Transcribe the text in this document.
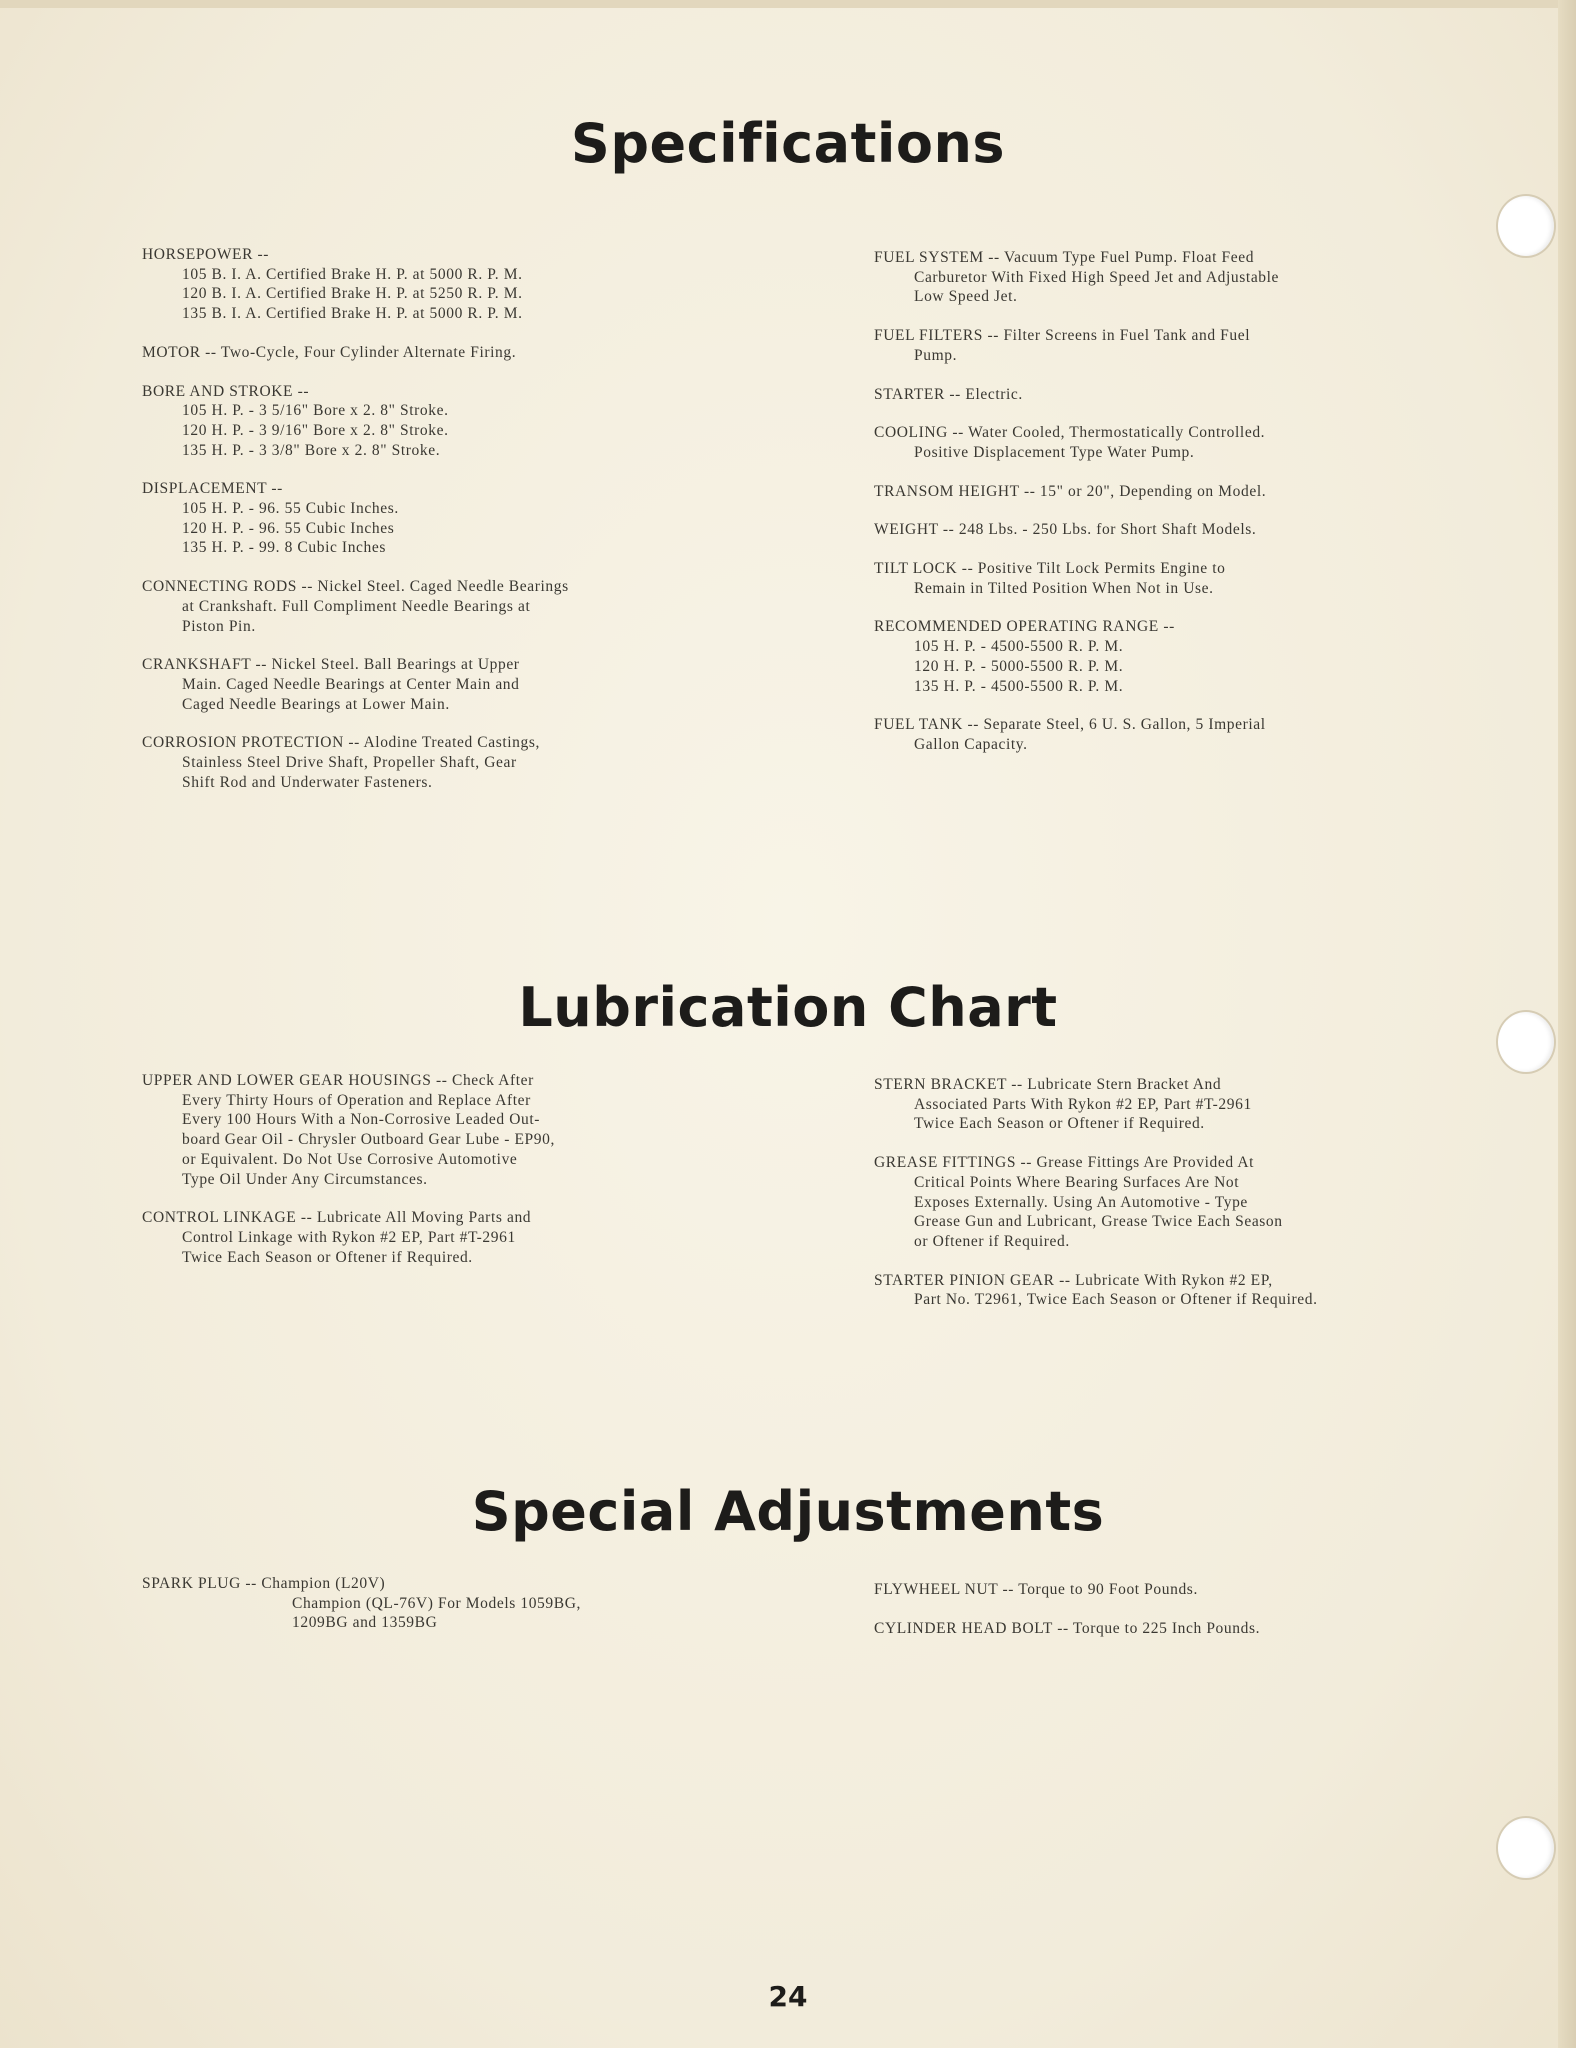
Specifications
HORSEPOWER --
105 B. I. A. Certified Brake H. P. at 5000 R. P. M.
120 B. I. A. Certified Brake H. P. at 5250 R. P. M.
135 B. I. A. Certified Brake H. P. at 5000 R. P. M.
MOTOR -- Two-Cycle, Four Cylinder Alternate Firing.
BORE AND STROKE --
105 H. P. - 3 5/16" Bore x 2. 8" Stroke.
120 H. P. - 3 9/16" Bore x 2. 8" Stroke.
135 H. P. - 3 3/8" Bore x 2. 8" Stroke.
DISPLACEMENT --
105 H. P. - 96. 55 Cubic Inches.
120 H. P. - 96. 55 Cubic Inches
135 H. P. - 99. 8 Cubic Inches
CONNECTING RODS -- Nickel Steel. Caged Needle Bearings
at Crankshaft. Full Compliment Needle Bearings at
Piston Pin.
CRANKSHAFT -- Nickel Steel. Ball Bearings at Upper
Main. Caged Needle Bearings at Center Main and
Caged Needle Bearings at Lower Main.
CORROSION PROTECTION -- Alodine Treated Castings,
Stainless Steel Drive Shaft, Propeller Shaft, Gear
Shift Rod and Underwater Fasteners.
FUEL SYSTEM -- Vacuum Type Fuel Pump. Float Feed
Carburetor With Fixed High Speed Jet and Adjustable
Low Speed Jet.
FUEL FILTERS -- Filter Screens in Fuel Tank and Fuel
Pump.
STARTER -- Electric.
COOLING -- Water Cooled, Thermostatically Controlled.
Positive Displacement Type Water Pump.
TRANSOM HEIGHT -- 15" or 20", Depending on Model.
WEIGHT -- 248 Lbs. - 250 Lbs. for Short Shaft Models.
TILT LOCK -- Positive Tilt Lock Permits Engine to
Remain in Tilted Position When Not in Use.
RECOMMENDED OPERATING RANGE --
105 H. P. - 4500-5500 R. P. M.
120 H. P. - 5000-5500 R. P. M.
135 H. P. - 4500-5500 R. P. M.
FUEL TANK -- Separate Steel, 6 U. S. Gallon, 5 Imperial
Gallon Capacity.
Lubrication Chart
UPPER AND LOWER GEAR HOUSINGS -- Check After
Every Thirty Hours of Operation and Replace After
Every 100 Hours With a Non-Corrosive Leaded Out-
board Gear Oil - Chrysler Outboard Gear Lube - EP90,
or Equivalent. Do Not Use Corrosive Automotive
Type Oil Under Any Circumstances.
CONTROL LINKAGE -- Lubricate All Moving Parts and
Control Linkage with Rykon #2 EP, Part #T-2961
Twice Each Season or Oftener if Required.
STERN BRACKET -- Lubricate Stern Bracket And
Associated Parts With Rykon #2 EP, Part #T-2961
Twice Each Season or Oftener if Required.
GREASE FITTINGS -- Grease Fittings Are Provided At
Critical Points Where Bearing Surfaces Are Not
Exposes Externally. Using An Automotive - Type
Grease Gun and Lubricant, Grease Twice Each Season
or Oftener if Required.
STARTER PINION GEAR -- Lubricate With Rykon #2 EP,
Part No. T2961, Twice Each Season or Oftener if Required.
Special Adjustments
SPARK PLUG -- Champion (L20V)
Champion (QL-76V) For Models 1059BG,
1209BG and 1359BG
FLYWHEEL NUT -- Torque to 90 Foot Pounds.
CYLINDER HEAD BOLT -- Torque to 225 Inch Pounds.
24
